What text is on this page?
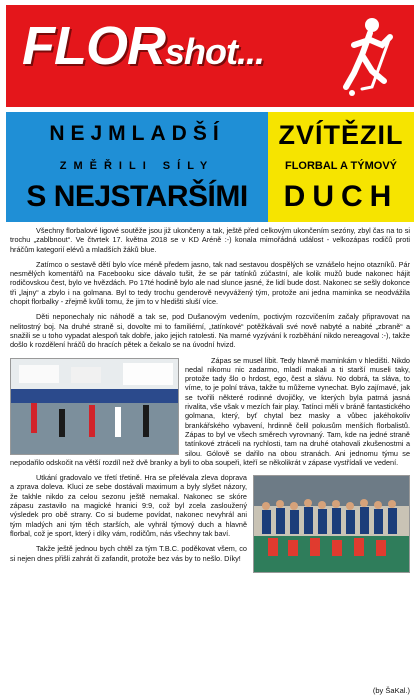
FLORshot...
NEJMLADŠÍ
ZMĚŘILI SÍLY
S NEJSTARŠÍMI
ZVÍTĚZIL
FLORBAL A TÝMOVÝ
DUCH

Všechny florbalové ligové soutěže jsou již ukončeny a tak, ještě před celkovým ukončením sezóny, zbyl čas na to si trochu „zablbnout“. Ve čtvrtek 17. května 2018 se v KD Aréně :-) konala mimořádná událost - velkozápas rodičů proti hráčům kategorií elévů a mladších žáků blue.

Zatímco o sestavě dětí bylo více méně předem jasno, tak nad sestavou dospělých se vznášelo hejno otazníků. Pár nesmělých komentářů na Facebooku sice dávalo tušit, že se pár tatínků zúčastní, ale kolik mužů bude nakonec hájit rodičovskou čest, bylo ve hvězdách. Po 17té hodině bylo ale nad slunce jasné, že lidí bude dost. Nakonec se sešly dokonce tři „lajny“ a zbylo i na golmana. Byl to tedy trochu genderově nevyvážený tým, protože ani jedna maminka se neodvážila chopit florbalky - zřejmě kvůli tomu, že jim to v hledišti sluší více.

Děti neponechaly nic náhodě a tak se, pod Dušanovým vedením, poctivým rozcvičením začaly připravovat na nelitostný boj. Na druhé straně si, dovolte mi to familiérní, „tatínkové“ potěžkávali své nově nabyté a nabité „zbraně“ a snažili se u toho vypadat alespoň tak dobře, jako jejich ratolesti. Na marné vyzývání k rozběhání nikdo nereagoval :-), takže došlo k rozdělení hráčů do hracích pětek a čekalo se na úvodní hvizd.

Zápas se musel líbit. Tedy hlavně maminkám v hledišti. Nikdo nedal nikomu nic zadarmo, mladí makali a ti starší museli taky, protože tady šlo o hrdost, ego, čest a slávu. No dobrá, ta sláva, to víme, to je polní tráva, takže tu můžeme vynechat. Bylo zajímavé, jak se tvořili některé rodinné dvojičky, ve kterých byla patrná jasná rivalita, vše však v mezích fair play. Tatínci měli v bráně fantastického golmana, který, byť chytal bez masky a vůbec jakéhokoliv brankářského vybavení, hrdinně čelil pokusům menších florbalistů. Zápas to byl ve všech směrech vyrovnaný. Tam, kde na jedné straně tatínkové ztráceli na rychlosti, tam na druhé otahovali zkušenostmi a silou. Gólově se dařilo na obou stranách. Ani jednomu týmu se nepodařilo odskočit na větší rozdíl než dvě branky a byli to oba soupeři, kteří se několikrát v zápase vystřídali ve vedení.

Utkání gradovalo ve třetí třetině. Hra se přelévala zleva doprava a zprava doleva. Kluci ze sebe dostávali maximum a byly slyšet názory, že takhle nikdo za celou sezonu ještě nemakal. Nakonec se skóre zápasu zastavilo na magické hranici 9:9, což byl zcela zasloužený výsledek pro obě strany. Co si budeme povídat, nakonec nevyhrál ani tým mladých ani tým těch starších, ale vyhrál týmový duch a hlavně florbal, což je sport, který i díky vám, rodičům, nás všechny tak baví.

Takže ještě jednou bych chtěl za tým T.B.C. poděkovat všem, co si nejen dnes přišli zahrát či zafandit, protože bez vás by to nešlo. Díky!

(by ŠaKal.)
